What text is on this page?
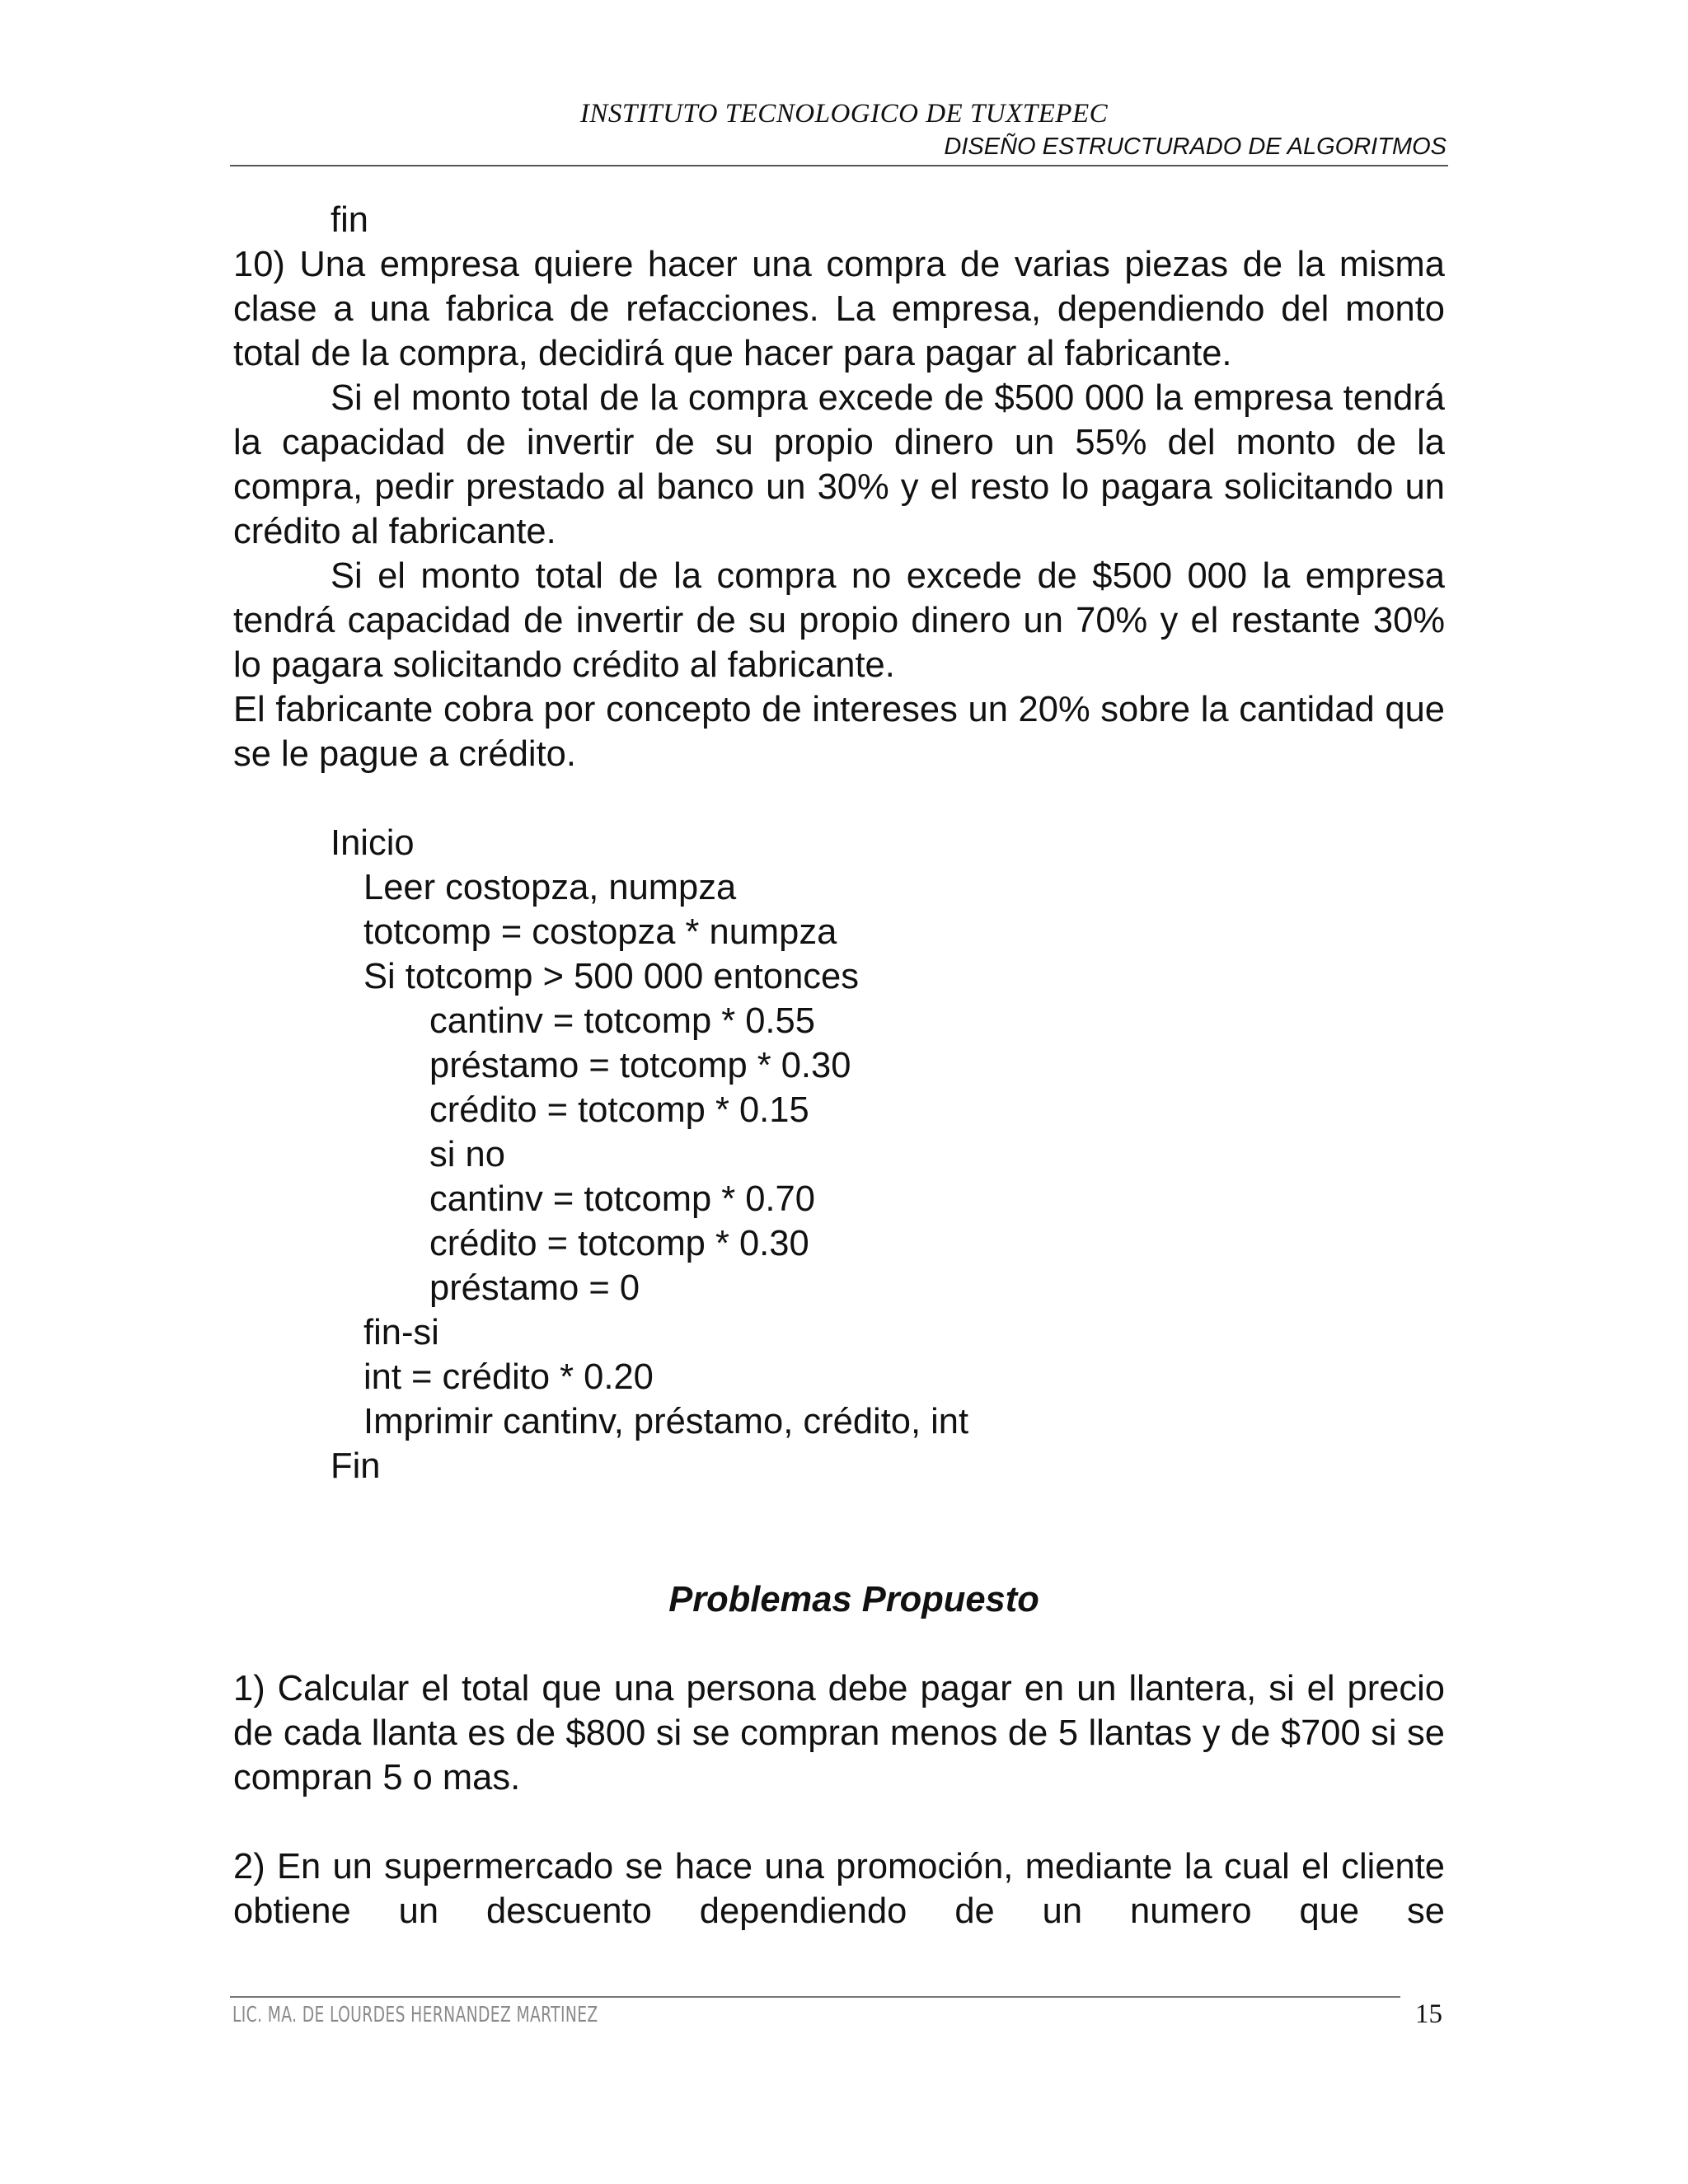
INSTITUTO TECNOLOGICO DE TUXTEPEC
DISEÑO ESTRUCTURADO DE ALGORITMOS

fin

10) Una empresa quiere hacer una compra de varias piezas de la misma clase a una fabrica de refacciones. La empresa, dependiendo del monto total de la compra, decidirá que hacer para pagar al fabricante.

Si el monto total de la compra excede de $500 000 la empresa tendrá la capacidad de invertir de su propio dinero un 55% del monto de la compra, pedir prestado al banco un 30% y el resto lo pagara solicitando un crédito al fabricante.

Si el monto total de la compra no excede de $500 000 la empresa tendrá capacidad de invertir de su propio dinero un 70% y el restante 30% lo pagara solicitando crédito al fabricante.

El fabricante cobra por concepto de intereses un 20% sobre la cantidad que se le pague a crédito.

Inicio
Leer costopza, numpza
totcomp = costopza * numpza
Si totcomp > 500 000 entonces
cantinv = totcomp * 0.55
préstamo = totcomp * 0.30
crédito = totcomp * 0.15
si no
cantinv = totcomp * 0.70
crédito = totcomp * 0.30
préstamo = 0
fin-si
int = crédito * 0.20
Imprimir cantinv, préstamo, crédito, int
Fin

Problemas Propuesto

1) Calcular el total que una persona debe pagar en un llantera, si el precio de cada llanta es de $800 si se compran menos de 5 llantas y de $700 si se compran 5 o mas.

2) En un supermercado se hace una promoción, mediante la cual el cliente obtiene un descuento dependiendo de un numero que se

LIC. MA. DE LOURDES HERNANDEZ MARTINEZ	15
